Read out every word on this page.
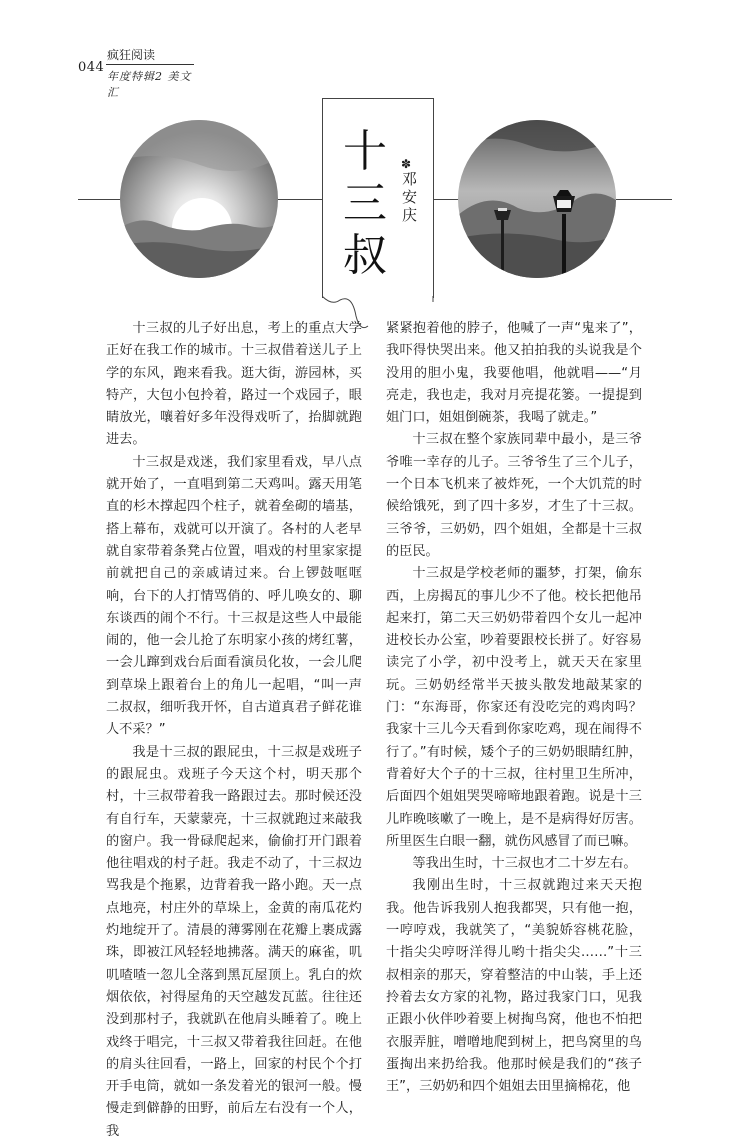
044
疯狂阅读
年度特辑2 美文汇
十
三
叔
✽
邓安庆

十三叔的儿子好出息，考上的重点大学正好在我工作的城市。十三叔借着送儿子上学的东风，跑来看我。逛大街，游园林，买特产，大包小包拎着，路过一个戏园子，眼睛放光，嚷着好多年没得戏听了，抬脚就跑进去。

十三叔是戏迷，我们家里看戏，早八点就开始了，一直唱到第二天鸡叫。露天用笔直的杉木撑起四个柱子，就着垒砌的墙基，搭上幕布，戏就可以开演了。各村的人老早就自家带着条凳占位置，唱戏的村里家家提前就把自己的亲戚请过来。台上锣鼓哐哐响，台下的人打情骂俏的、呼儿唤女的、聊东谈西的闹个不行。十三叔是这些人中最能闹的，他一会儿抢了东明家小孩的烤红薯，一会儿蹿到戏台后面看演员化妆，一会儿爬到草垛上跟着台上的角儿一起唱，“叫一声二叔叔，细听我开怀，自古道真君子鲜花谁人不采？”

我是十三叔的跟屁虫，十三叔是戏班子的跟屁虫。戏班子今天这个村，明天那个村，十三叔带着我一路跟过去。那时候还没有自行车，天蒙蒙亮，十三叔就跑过来敲我的窗户。我一骨碌爬起来，偷偷打开门跟着他往唱戏的村子赶。我走不动了，十三叔边骂我是个拖累，边背着我一路小跑。天一点点地亮，村庄外的草垛上，金黄的南瓜花灼灼地绽开了。清晨的薄雾刚在花瓣上裹成露珠，即被江风轻轻地拂落。满天的麻雀，叽叽喳喳一忽儿全落到黑瓦屋顶上。乳白的炊烟依依，衬得屋角的天空越发瓦蓝。往往还没到那村子，我就趴在他肩头睡着了。晚上戏终于唱完，十三叔又带着我往回赶。在他的肩头往回看，一路上，回家的村民个个打开手电筒，就如一条发着光的银河一般。慢慢走到僻静的田野，前后左右没有一个人，我

紧紧抱着他的脖子，他喊了一声“鬼来了”，我吓得快哭出来。他又拍拍我的头说我是个没用的胆小鬼，我要他唱，他就唱——“月亮走，我也走，我对月亮提花篓。一提提到姐门口，姐姐倒碗茶，我喝了就走。”

十三叔在整个家族同辈中最小，是三爷爷唯一幸存的儿子。三爷爷生了三个儿子，一个日本飞机来了被炸死，一个大饥荒的时候给饿死，到了四十多岁，才生了十三叔。三爷爷，三奶奶，四个姐姐，全都是十三叔的臣民。

十三叔是学校老师的噩梦，打架，偷东西，上房揭瓦的事儿少不了他。校长把他吊起来打，第二天三奶奶带着四个女儿一起冲进校长办公室，吵着要跟校长拼了。好容易读完了小学，初中没考上，就天天在家里玩。三奶奶经常半天披头散发地敲某家的门：“东海哥，你家还有没吃完的鸡肉吗？我家十三儿今天看到你家吃鸡，现在闹得不行了。”有时候，矮个子的三奶奶眼睛红肿，背着好大个子的十三叔，往村里卫生所冲，后面四个姐姐哭哭啼啼地跟着跑。说是十三儿昨晚咳嗽了一晚上，是不是病得好厉害。所里医生白眼一翻，就伤风感冒了而已嘛。

等我出生时，十三叔也才二十岁左右。

我刚出生时，十三叔就跑过来天天抱我。他告诉我别人抱我都哭，只有他一抱，一哼哼戏，我就笑了，“美貌娇容桃花脸，十指尖尖哼呀洋得儿哟十指尖尖……”十三叔相亲的那天，穿着整洁的中山装，手上还拎着去女方家的礼物，路过我家门口，见我正跟小伙伴吵着要上树掏鸟窝，他也不怕把衣服弄脏，噌噌地爬到树上，把鸟窝里的鸟蛋掏出来扔给我。他那时候是我们的“孩子王”，三奶奶和四个姐姐去田里摘棉花，他
